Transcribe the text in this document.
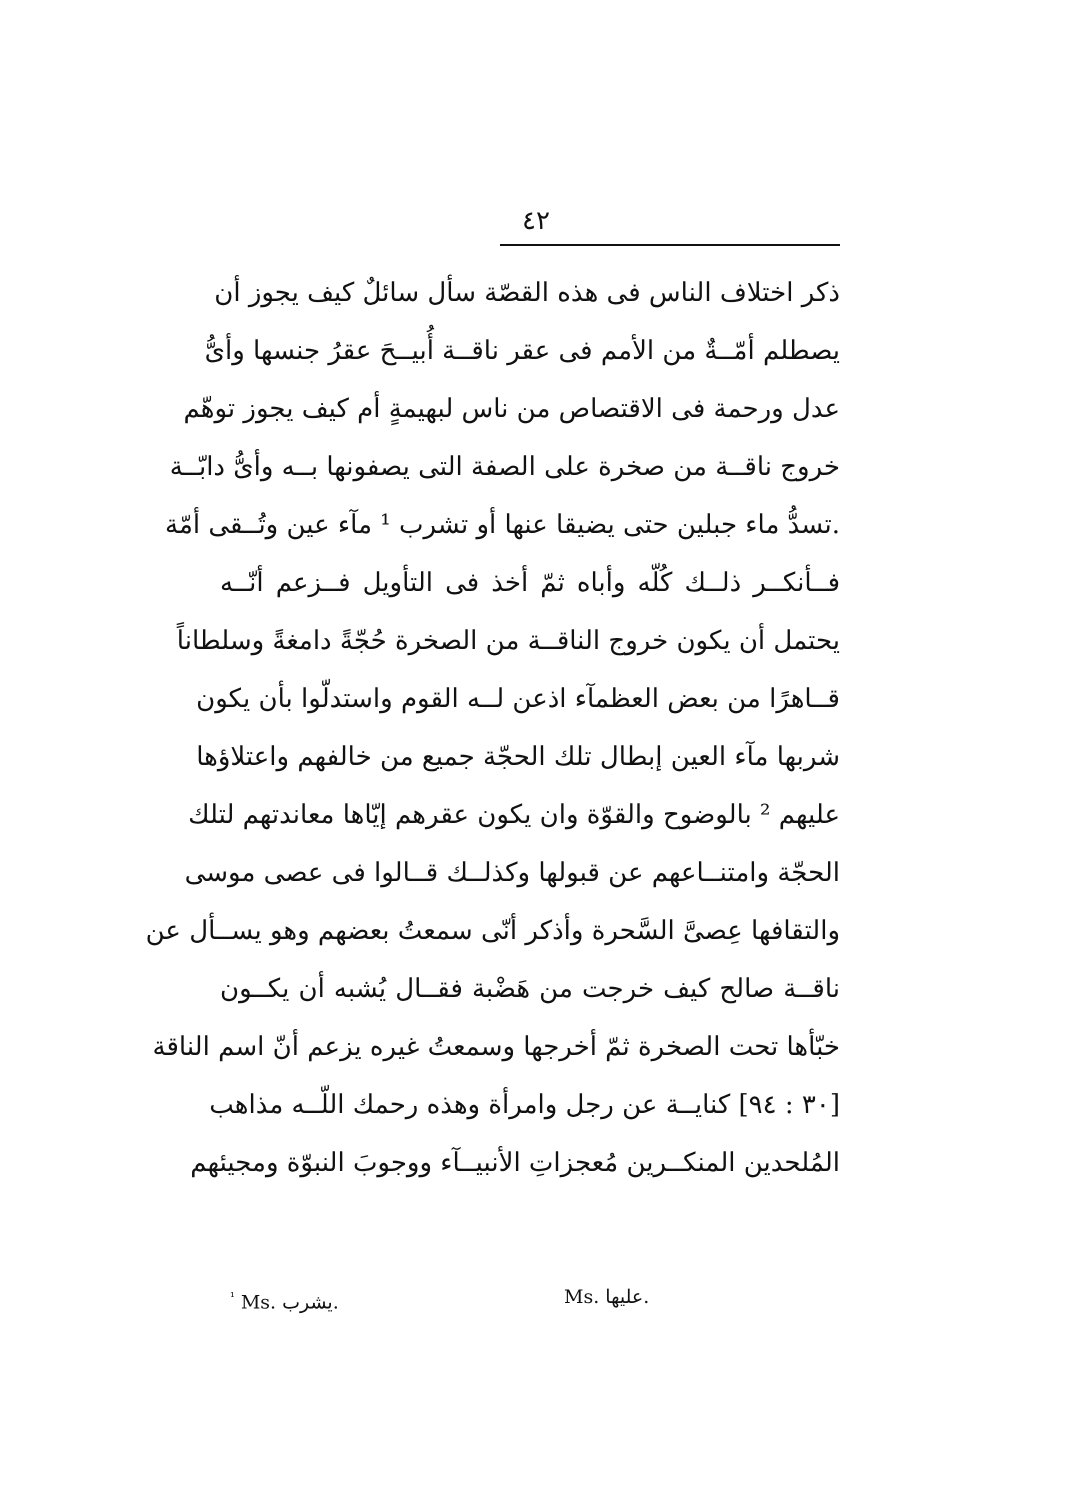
٤٢
ذكر اختلاف الناس فى هذه القصّة سأل سائلٌ كيف يجوز أن
يصطلم أمّــةٌ من الأمم فى عقر ناقــة أُبيــحَ عقرُ جنسها وأىُّ
عدل ورحمة فى الاقتصاص من ناس لبهيمةٍ أم كيف يجوز توهّم
خروج ناقــة من صخرة على الصفة التى يصفونها بــه وأىُّ دابّــة
.تسدُّ ماء جبلين حتى يضيقا عنها أو تشرب ¹ مآء عين وتُــقى أمّة
فــأنكــر ذلــك كُلّه وأباه ثمّ أخذ فى التأويل فــزعم أنّــه
يحتمل أن يكون خروج الناقــة من الصخرة حُجّةً دامغةً وسلطاناً
قــاهرًا من بعض العظمآء اذعن لــه القوم واستدلّوا بأن يكون
شربها مآء العين إبطال تلك الحجّة جميع من خالفهم واعتلاؤها
عليهم ² بالوضوح والقوّة وان يكون عقرهم إيّاها معاندتهم لتلك
الحجّة وامتنــاعهم عن قبولها وكذلــك قــالوا فى عصى موسى
والتقافها عِصىَّ السَّحرة وأذكر أنّى سمعتُ بعضهم وهو يســأل عن
ناقــة صالح كيف خرجت من هَضْبة فقــال يُشبه أن يكــون
خبّأها تحت الصخرة ثمّ أخرجها وسمعتُ غيره يزعم أنّ اسم الناقة
[٣٠ : ٩٤] كنايــة عن رجل وامرأة وهذه رحمك اللّــه مذاهب
المُلحدين المنكــرين مُعجزاتِ الأنبيــآء ووجوبَ النبوّة ومجيئهم
$^{^1}$ Ms. يشرب.	Ms. عليها.
